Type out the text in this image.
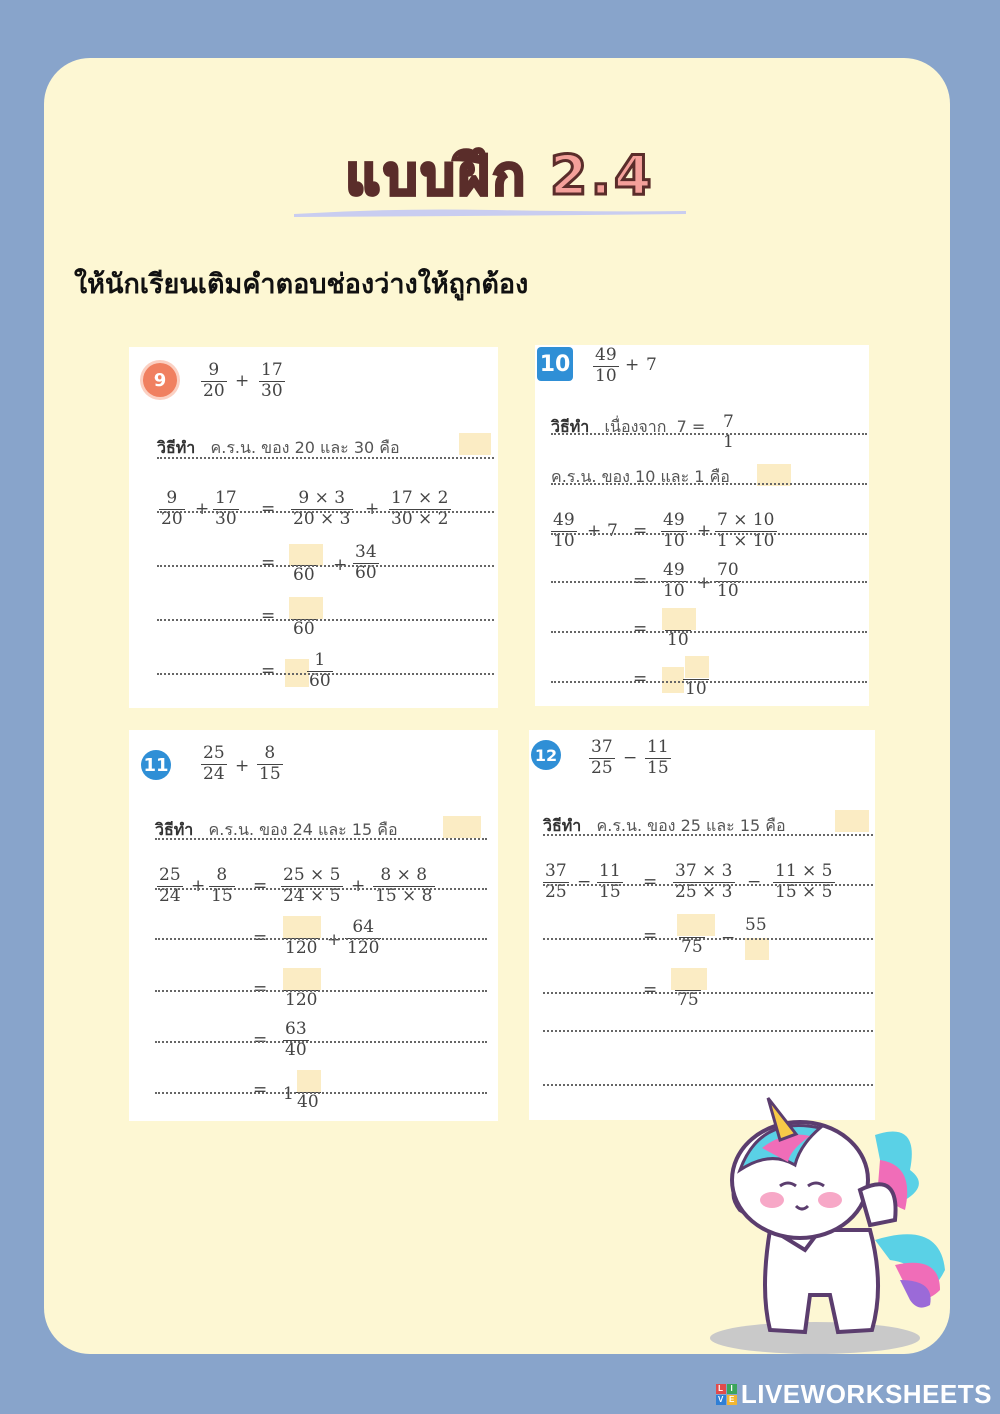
แบบฝึก 2.4
ให้นักเรียนเติมคำตอบช่องว่างให้ถูกต้อง
9	$\frac{9}{20} + \frac{17}{30}$
วิธีทำ ค.ร.น. ของ 20 และ 30 คือ
$\frac{9}{20} + \frac{17}{30} = \frac{9 \times 3}{20 \times 3} + \frac{17 \times 2}{30 \times 2}$
=
$60 + \frac{34}{60}$
=
60
= $\frac{1}{60}$
$10 \frac{49}{10} + 7$
วิธีทำ เนื่องจาก 7 = 7
1
ค.ร.น. ของ 10 และ 1 คือ
$\frac{49}{10} + 7 = \frac{49}{10} + \frac{7 \times 10}{1 \times 10}$
= $\frac{49}{10} + \frac{70}{10}$
=
10
= 10
$11 \frac{25}{24} + \frac{8}{15}$
วิธีทำ ค.ร.น. ของ 24 และ 15 คือ
$\frac{25}{24} + \frac{8}{15} = \frac{25 \times 5}{24 \times 5} + \frac{8 \times 8}{15 \times 8}$
= $120 + \frac{64}{120}$
=
120
= $\frac{63}{40}$
= 1 40
$12 \frac{37}{25} - \frac{11}{15}$
วิธีทำ ค.ร.น. ของ 25 และ 15 คือ
$\frac{37}{25} - \frac{11}{15} = \frac{37 \times 3}{25 \times 3} - \frac{11 \times 5}{15 \times 5}$
=
75 −
55
= 75
L I
V E LIVEWORKSHEETS
